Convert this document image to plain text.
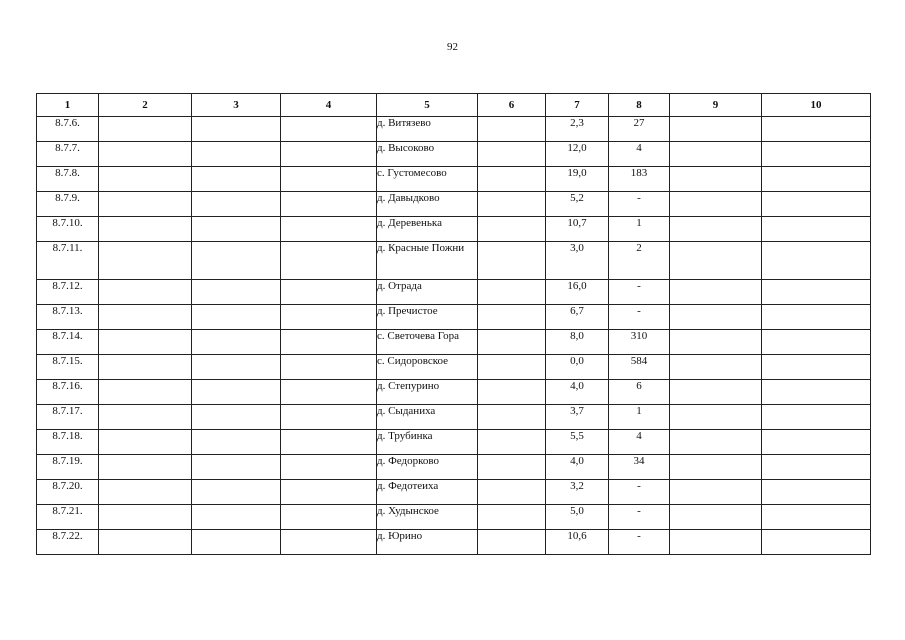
92
1	2	3	4	5	6	7	8	9	10
8.7.6.				д. Витязево		2,3	27		
8.7.7.				д. Высоково		12,0	4		
8.7.8.				с. Густомесово		19,0	183		
8.7.9.				д. Давыдково		5,2	-		
8.7.10.				д. Деревенька		10,7	1		
8.7.11.				д. Красные Пожни		3,0	2		
8.7.12.				д. Отрада		16,0	-		
8.7.13.				д. Пречистое		6,7	-		
8.7.14.				с. Светочева Гора		8,0	310		
8.7.15.				с. Сидоровское		0,0	584		
8.7.16.				д. Степурино		4,0	6		
8.7.17.				д. Сыданиха		3,7	1		
8.7.18.				д. Трубинка		5,5	4		
8.7.19.				д. Федорково		4,0	34		
8.7.20.				д. Федотеиха		3,2	-		
8.7.21.				д. Худынское		5,0	-		
8.7.22.				д. Юрино		10,6	-		
